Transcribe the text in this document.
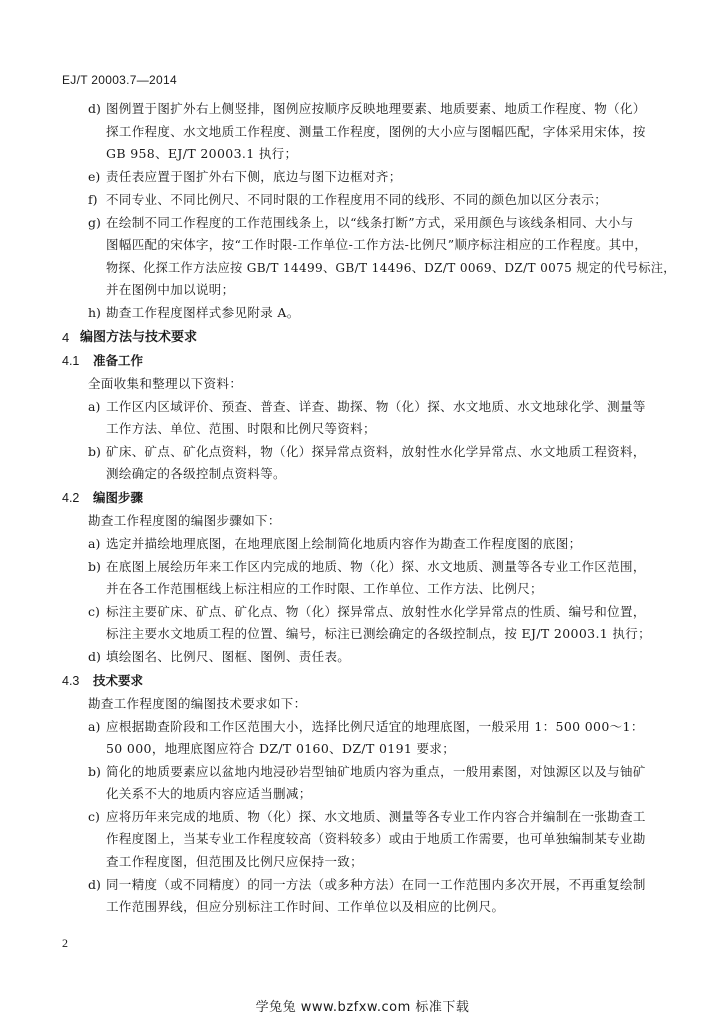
EJ/T 20003.7—2014
d) 图例置于图扩外右上侧竖排，图例应按顺序反映地理要素、地质要素、地质工作程度、物（化）
探工作程度、水文地质工作程度、测量工作程度，图例的大小应与图幅匹配，字体采用宋体，按
GB 958、EJ/T 20003.1 执行；
e) 责任表应置于图扩外右下侧，底边与图下边框对齐；
f) 不同专业、不同比例尺、不同时限的工作程度用不同的线形、不同的颜色加以区分表示；
g) 在绘制不同工作程度的工作范围线条上，以“线条打断”方式，采用颜色与该线条相同、大小与
图幅匹配的宋体字，按“工作时限-工作单位-工作方法-比例尺”顺序标注相应的工作程度。其中，
物探、化探工作方法应按 GB/T 14499、GB/T 14496、DZ/T 0069、DZ/T 0075 规定的代号标注，
并在图例中加以说明；
h) 勘查工作程度图样式参见附录 A。
4 编图方法与技术要求
4.1 准备工作
全面收集和整理以下资料：
a) 工作区内区域评价、预查、普查、详查、勘探、物（化）探、水文地质、水文地球化学、测量等
工作方法、单位、范围、时限和比例尺等资料；
b) 矿床、矿点、矿化点资料，物（化）探异常点资料，放射性水化学异常点、水文地质工程资料，
测绘确定的各级控制点资料等。
4.2 编图步骤
勘查工作程度图的编图步骤如下：
a) 选定并描绘地理底图，在地理底图上绘制简化地质内容作为勘查工作程度图的底图；
b) 在底图上展绘历年来工作区内完成的地质、物（化）探、水文地质、测量等各专业工作区范围，
并在各工作范围框线上标注相应的工作时限、工作单位、工作方法、比例尺；
c) 标注主要矿床、矿点、矿化点、物（化）探异常点、放射性水化学异常点的性质、编号和位置，
标注主要水文地质工程的位置、编号，标注已测绘确定的各级控制点，按 EJ/T 20003.1 执行；
d) 填绘图名、比例尺、图框、图例、责任表。
4.3 技术要求
勘查工作程度图的编图技术要求如下：
a) 应根据勘查阶段和工作区范围大小，选择比例尺适宜的地理底图，一般采用 1：500 000～1：
50 000，地理底图应符合 DZ/T 0160、DZ/T 0191 要求；
b) 简化的地质要素应以盆地内地浸砂岩型铀矿地质内容为重点，一般用素图，对蚀源区以及与铀矿
化关系不大的地质内容应适当删减；
c) 应将历年来完成的地质、物（化）探、水文地质、测量等各专业工作内容合并编制在一张勘查工
作程度图上，当某专业工作程度较高（资料较多）或由于地质工作需要，也可单独编制某专业勘
查工作程度图，但范围及比例尺应保持一致；
d) 同一精度（或不同精度）的同一方法（或多种方法）在同一工作范围内多次开展，不再重复绘制
工作范围界线，但应分别标注工作时间、工作单位以及相应的比例尺。
2
学兔兔 www.bzfxw.com 标准下载
